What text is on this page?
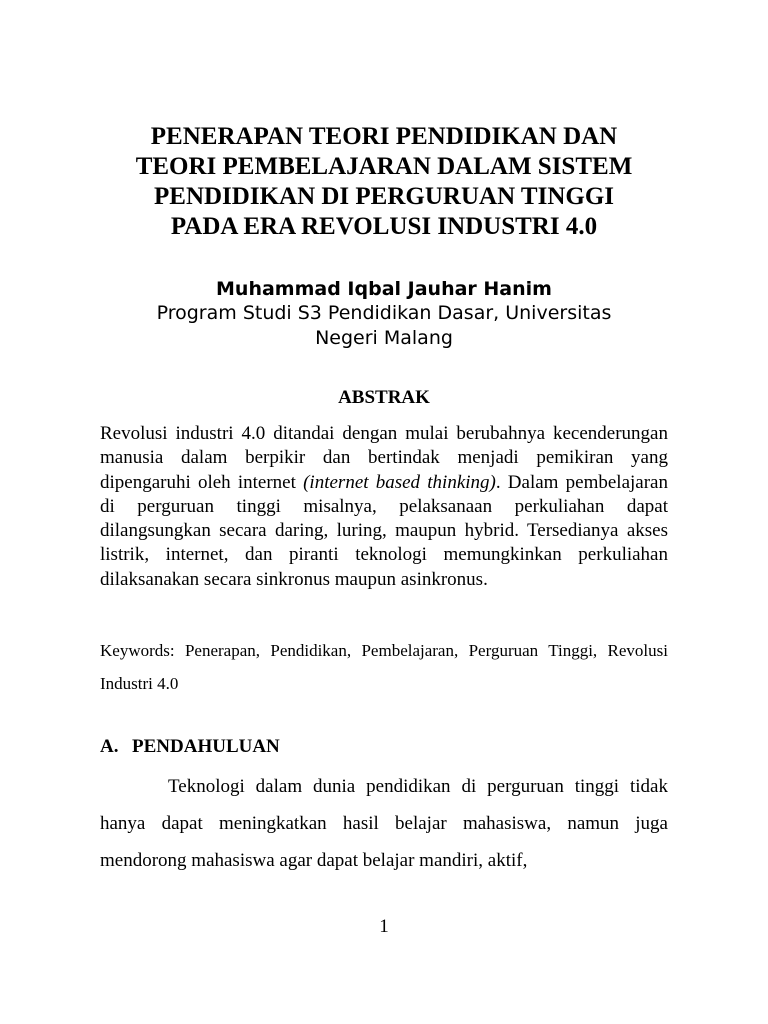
PENERAPAN TEORI PENDIDIKAN DAN
TEORI PEMBELAJARAN DALAM SISTEM
PENDIDIKAN DI PERGURUAN TINGGI
PADA ERA REVOLUSI INDUSTRI 4.0
Muhammad Iqbal Jauhar Hanim
Program Studi S3 Pendidikan Dasar, Universitas
Negeri Malang
ABSTRAK

Revolusi industri 4.0 ditandai dengan mulai berubahnya kecenderungan manusia dalam berpikir dan bertindak menjadi pemikiran yang dipengaruhi oleh internet (internet based thinking). Dalam pembelajaran di perguruan tinggi misalnya, pelaksanaan perkuliahan dapat dilangsungkan secara daring, luring, maupun hybrid. Tersedianya akses listrik, internet, dan piranti teknologi memungkinkan perkuliahan dilaksanakan secara sinkronus maupun asinkronus.

Keywords: Penerapan, Pendidikan, Pembelajaran, Perguruan Tinggi, Revolusi Industri 4.0

A. PENDAHULUAN

Teknologi dalam dunia pendidikan di perguruan tinggi tidak hanya dapat meningkatkan hasil belajar mahasiswa, namun juga mendorong mahasiswa agar dapat belajar mandiri, aktif,

1
